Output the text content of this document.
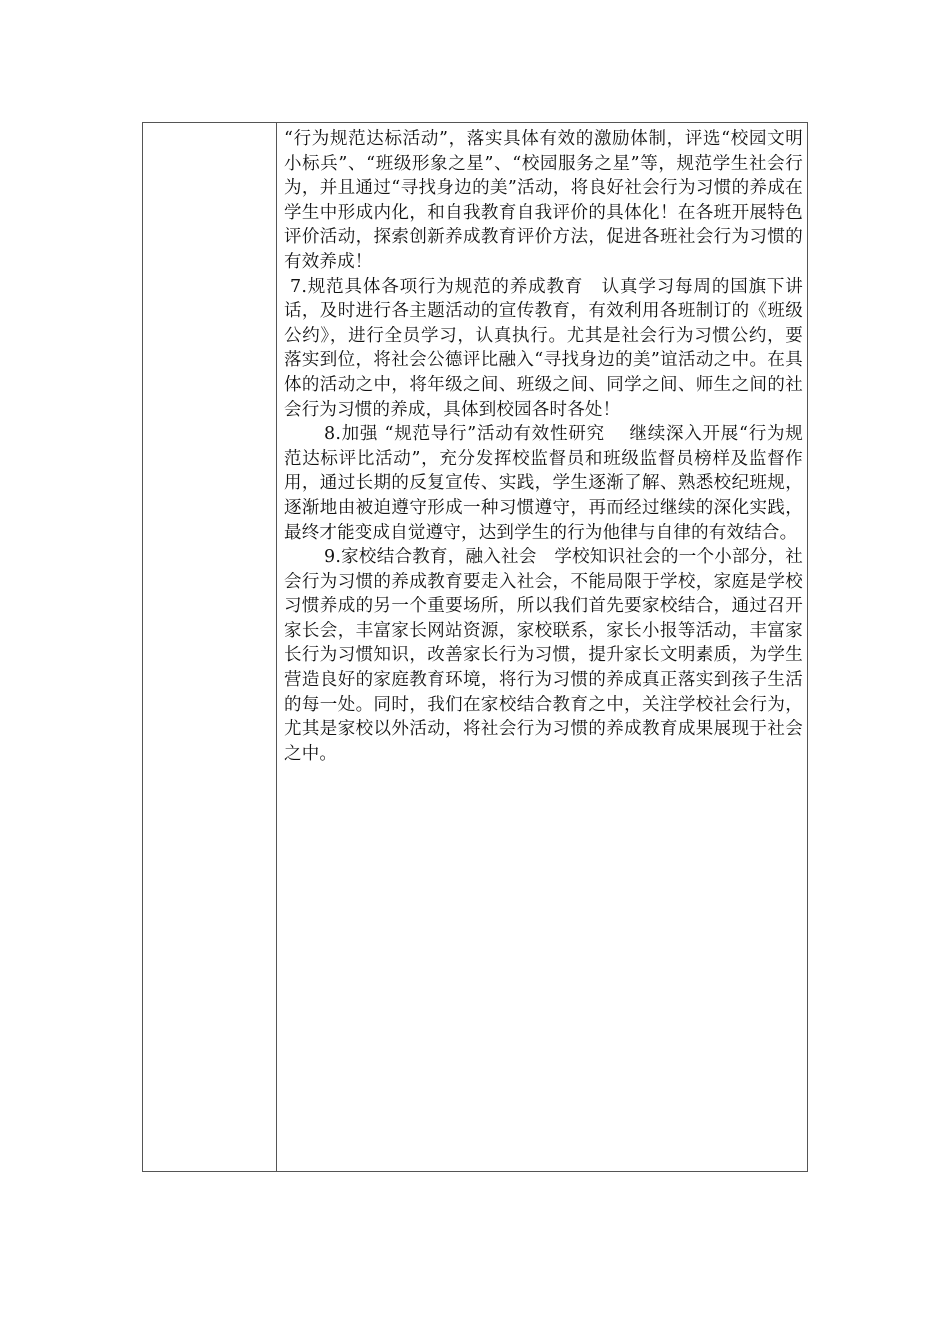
“行为规范达标活动”，落实具体有效的激励体制，评选“校园文明小标兵”、“班级形象之星”、“校园服务之星”等，规范学生社会行为，并且通过“寻找身边的美”活动，将良好社会行为习惯的养成在学生中形成内化，和自我教育自我评价的具体化！在各班开展特色评价活动，探索创新养成教育评价方法，促进各班社会行为习惯的有效养成！

7.规范具体各项行为规范的养成教育　认真学习每周的国旗下讲话，及时进行各主题活动的宣传教育，有效利用各班制订的《班级公约》，进行全员学习，认真执行。尤其是社会行为习惯公约，要落实到位，将社会公德评比融入“寻找身边的美”谊活动之中。在具体的活动之中，将年级之间、班级之间、同学之间、师生之间的社会行为习惯的养成，具体到校园各时各处！

8.加强 “规范导行”活动有效性研究　 继续深入开展“行为规范达标评比活动”，充分发挥校监督员和班级监督员榜样及监督作用，通过长期的反复宣传、实践，学生逐渐了解、熟悉校纪班规，逐渐地由被迫遵守形成一种习惯遵守，再而经过继续的深化实践，最终才能变成自觉遵守，达到学生的行为他律与自律的有效结合。

9.家校结合教育，融入社会　学校知识社会的一个小部分，社会行为习惯的养成教育要走入社会，不能局限于学校，家庭是学校习惯养成的另一个重要场所，所以我们首先要家校结合，通过召开家长会，丰富家长网站资源，家校联系，家长小报等活动，丰富家长行为习惯知识，改善家长行为习惯，提升家长文明素质，为学生营造良好的家庭教育环境，将行为习惯的养成真正落实到孩子生活的每一处。同时，我们在家校结合教育之中，关注学校社会行为，尤其是家校以外活动，将社会行为习惯的养成教育成果展现于社会之中。
